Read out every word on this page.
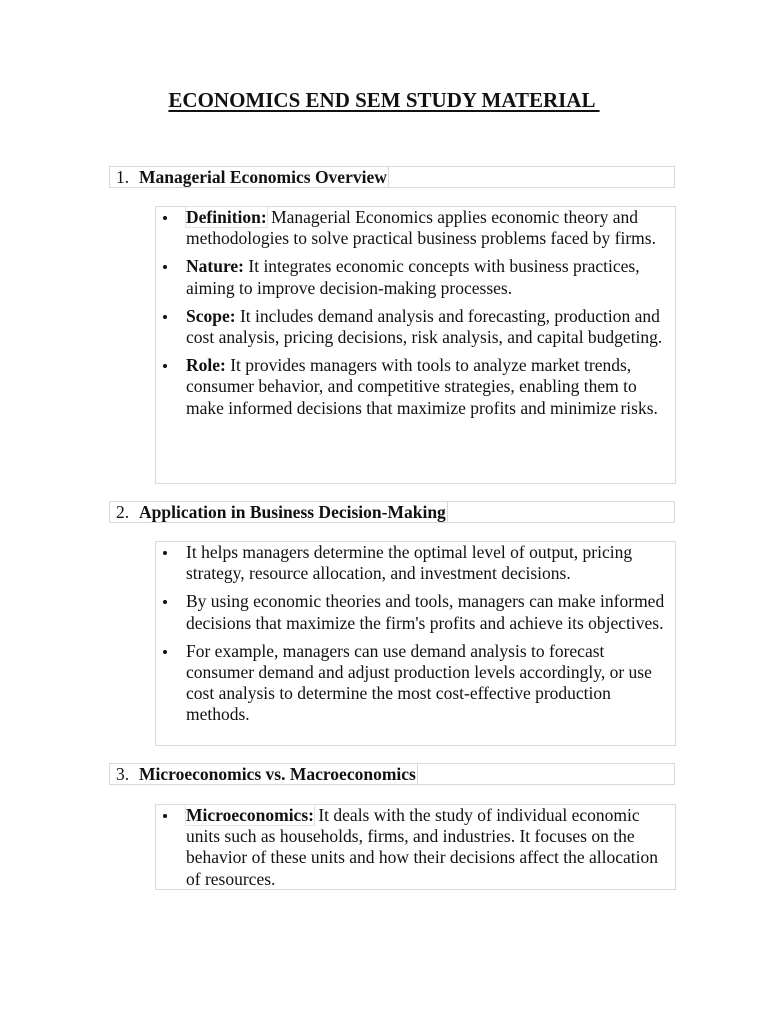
ECONOMICS END SEM STUDY MATERIAL
1. Managerial Economics Overview
Definition: Managerial Economics applies economic theory and methodologies to solve practical business problems faced by firms.
Nature: It integrates economic concepts with business practices, aiming to improve decision-making processes.
Scope: It includes demand analysis and forecasting, production and cost analysis, pricing decisions, risk analysis, and capital budgeting.
Role: It provides managers with tools to analyze market trends, consumer behavior, and competitive strategies, enabling them to make informed decisions that maximize profits and minimize risks.
2. Application in Business Decision-Making
It helps managers determine the optimal level of output, pricing strategy, resource allocation, and investment decisions.
By using economic theories and tools, managers can make informed decisions that maximize the firm's profits and achieve its objectives.
For example, managers can use demand analysis to forecast consumer demand and adjust production levels accordingly, or use cost analysis to determine the most cost-effective production methods.
3. Microeconomics vs. Macroeconomics
Microeconomics: It deals with the study of individual economic units such as households, firms, and industries. It focuses on the behavior of these units and how their decisions affect the allocation of resources.
